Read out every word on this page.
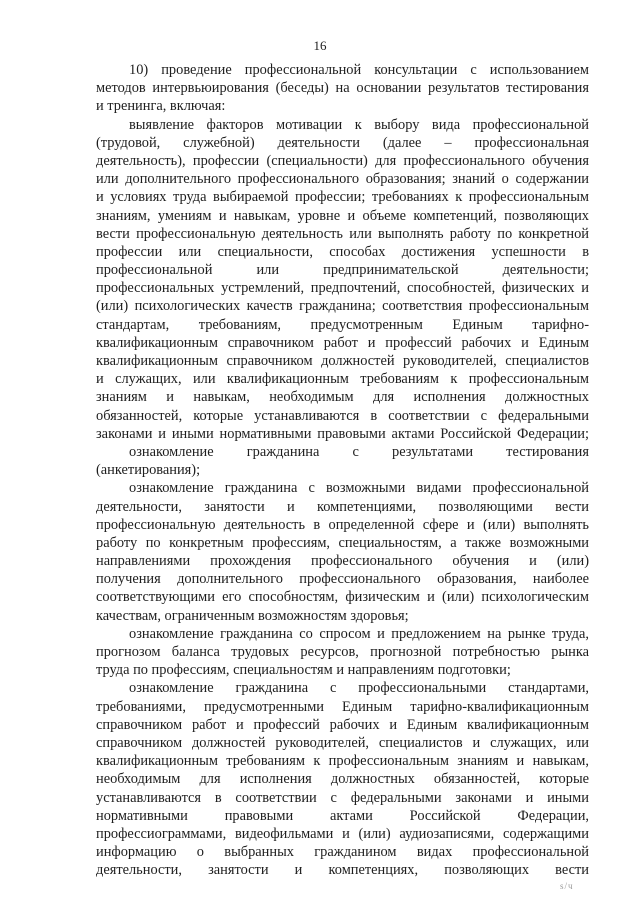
16
10) проведение профессиональной консультации с использованием
методов интервьюирования (беседы) на основании результатов тестирования
и тренинга, включая:
выявление факторов мотивации к выбору вида профессиональной
(трудовой, служебной) деятельности (далее – профессиональная
деятельность), профессии (специальности) для профессионального обучения
или дополнительного профессионального образования; знаний о содержании
и условиях труда выбираемой профессии; требованиях к профессиональным
знаниям, умениям и навыкам, уровне и объеме компетенций, позволяющих
вести профессиональную деятельность или выполнять работу по конкретной
профессии или специальности, способах достижения успешности в
профессиональной или предпринимательской деятельности;
профессиональных устремлений, предпочтений, способностей, физических и
(или) психологических качеств гражданина; соответствия профессиональным
стандартам, требованиям, предусмотренным Единым тарифно-
квалификационным справочником работ и профессий рабочих и Единым
квалификационным справочником должностей руководителей, специалистов
и служащих, или квалификационным требованиям к профессиональным
знаниям и навыкам, необходимым для исполнения должностных
обязанностей, которые устанавливаются в соответствии с федеральными
законами и иными нормативными правовыми актами Российской Федерации;
ознакомление гражданина с результатами тестирования
(анкетирования);
ознакомление гражданина с возможными видами профессиональной
деятельности, занятости и компетенциями, позволяющими вести
профессиональную деятельность в определенной сфере и (или) выполнять
работу по конкретным профессиям, специальностям, а также возможными
направлениями прохождения профессионального обучения и (или)
получения дополнительного профессионального образования, наиболее
соответствующими его способностям, физическим и (или) психологическим
качествам, ограниченным возможностям здоровья;
ознакомление гражданина со спросом и предложением на рынке труда,
прогнозом баланса трудовых ресурсов, прогнозной потребностью рынка
труда по профессиям, специальностям и направлениям подготовки;
ознакомление гражданина с профессиональными стандартами,
требованиями, предусмотренными Единым тарифно-квалификационным
справочником работ и профессий рабочих и Единым квалификационным
справочником должностей руководителей, специалистов и служащих, или
квалификационным требованиям к профессиональным знаниям и навыкам,
необходимым для исполнения должностных обязанностей, которые
устанавливаются в соответствии с федеральными законами и иными
нормативными правовыми актами Российской Федерации,
профессиограммами, видеофильмами и (или) аудиозаписями, содержащими
информацию о выбранных гражданином видах профессиональной
деятельности, занятости и компетенциях, позволяющих вести
ѕ/ч
